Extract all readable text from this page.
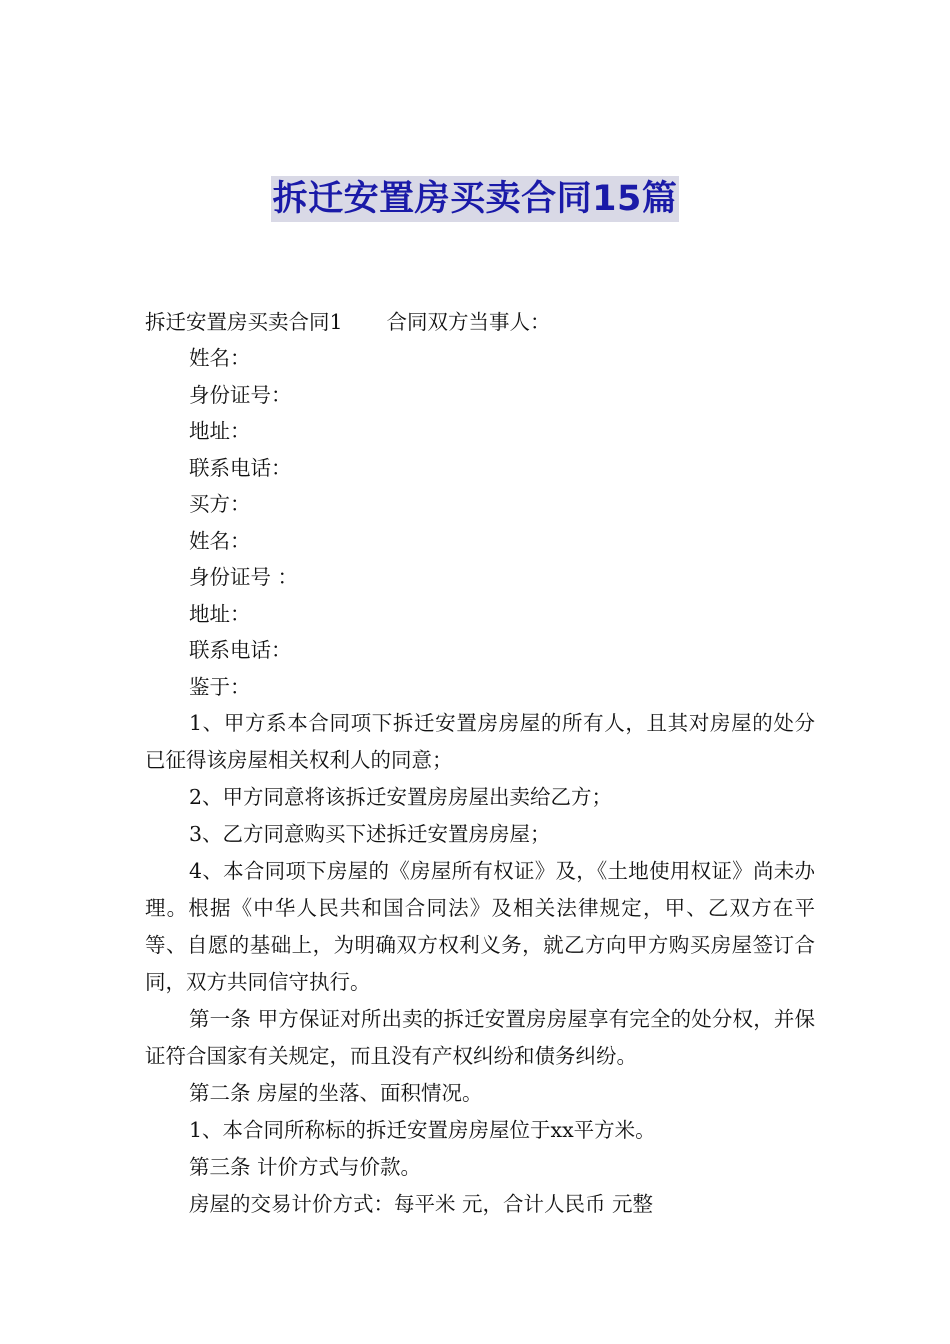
拆迁安置房买卖合同15篇
拆迁安置房买卖合同1 合同双方当事人：
姓名：
身份证号：
地址：
联系电话：
买方：
姓名：
身份证号 ：
地址：
联系电话：
鉴于：
1、甲方系本合同项下拆迁安置房房屋的所有人，且其对房屋的处分已征得该房屋相关权利人的同意；
2、甲方同意将该拆迁安置房房屋出卖给乙方；
3、乙方同意购买下述拆迁安置房房屋；
4、本合同项下房屋的《房屋所有权证》及，《土地使用权证》尚未办理。根据《中华人民共和国合同法》及相关法律规定，甲、乙双方在平等、自愿的基础上，为明确双方权利义务，就乙方向甲方购买房屋签订合同，双方共同信守执行。
第一条 甲方保证对所出卖的拆迁安置房房屋享有完全的处分权，并保证符合国家有关规定，而且没有产权纠纷和债务纠纷。
第二条 房屋的坐落、面积情况。
1、本合同所称标的拆迁安置房房屋位于xx平方米。
第三条 计价方式与价款。
房屋的交易计价方式：每平米 元，合计人民币 元整
